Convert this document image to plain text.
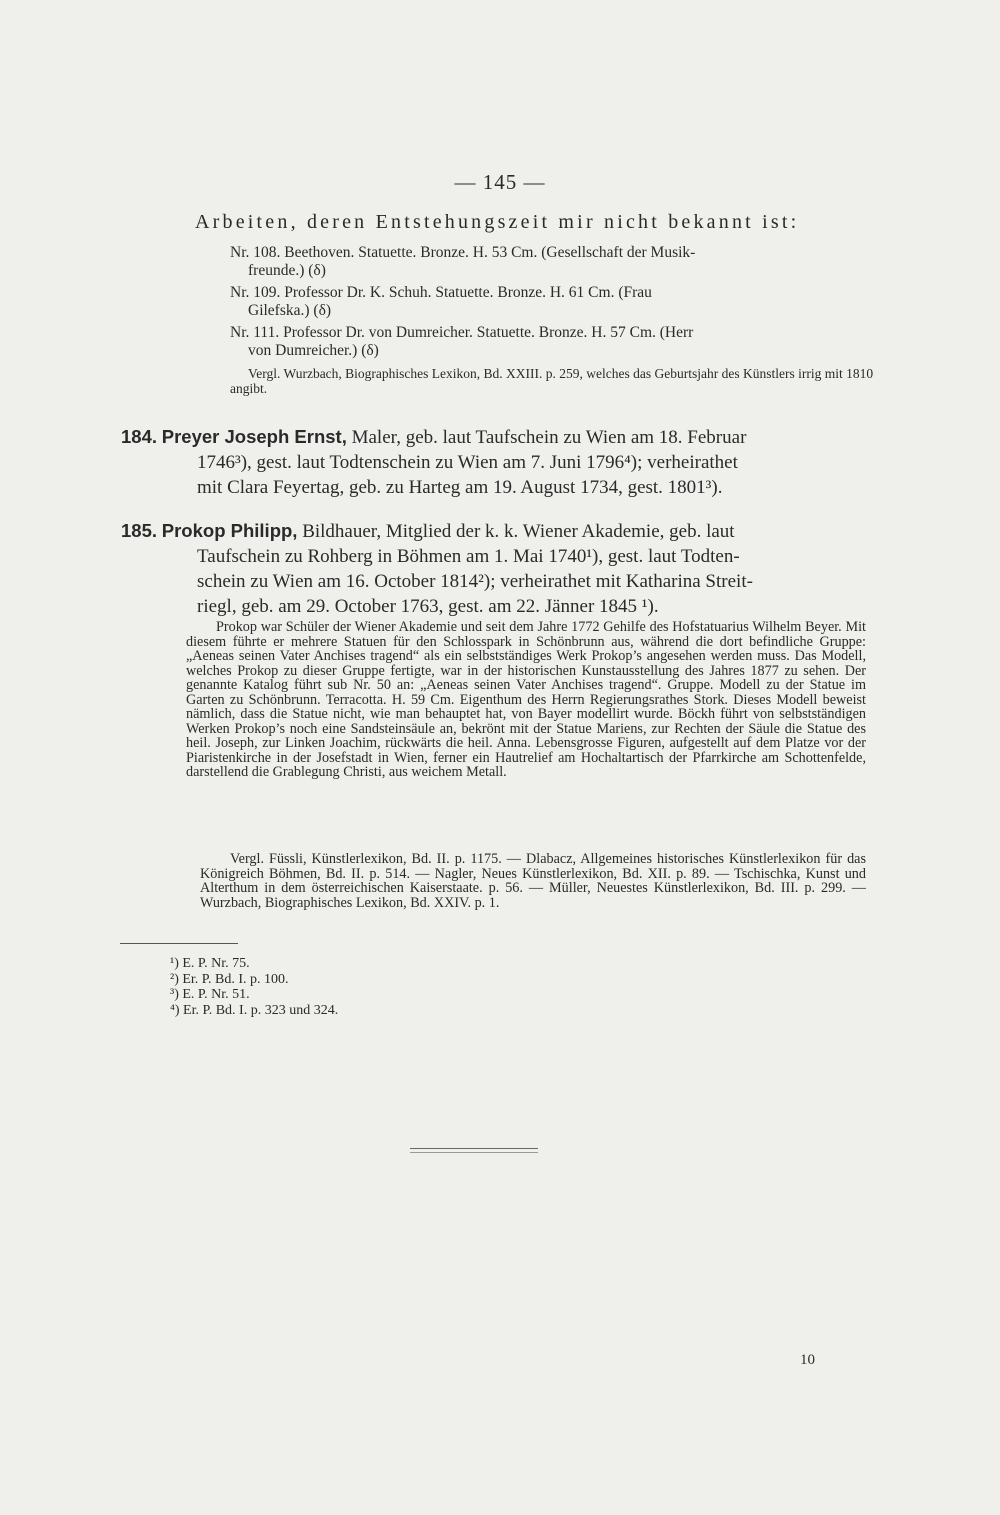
— 145 —
Arbeiten, deren Entstehungszeit mir nicht bekannt ist:
Nr. 108. Beethoven. Statuette. Bronze. H. 53 Cm. (Gesellschaft der Musik-
freunde.) (δ)
Nr. 109. Professor Dr. K. Schuh. Statuette. Bronze. H. 61 Cm. (Frau
Gilefska.) (δ)
Nr. 111. Professor Dr. von Dumreicher. Statuette. Bronze. H. 57 Cm. (Herr
von Dumreicher.) (δ)
Vergl. Wurzbach, Biographisches Lexikon, Bd. XXIII. p. 259, welches das Geburtsjahr des Künstlers irrig mit 1810 angibt.
184. Preyer Joseph Ernst, Maler, geb. laut Taufschein zu Wien am 18. Februar
1746³), gest. laut Todtenschein zu Wien am 7. Juni 1796⁴); verheirathet
mit Clara Feyertag, geb. zu Harteg am 19. August 1734, gest. 1801³).
185. Prokop Philipp, Bildhauer, Mitglied der k. k. Wiener Akademie, geb. laut
Taufschein zu Rohberg in Böhmen am 1. Mai 1740¹), gest. laut Todten-
schein zu Wien am 16. October 1814²); verheirathet mit Katharina Streit-
riegl, geb. am 29. October 1763, gest. am 22. Jänner 1845 ¹).

Prokop war Schüler der Wiener Akademie und seit dem Jahre 1772 Gehilfe des Hofstatuarius Wilhelm Beyer. Mit diesem führte er mehrere Statuen für den Schlosspark in Schönbrunn aus, während die dort befindliche Gruppe: „Aeneas seinen Vater Anchises tragend“ als ein selbstständiges Werk Prokop’s angesehen werden muss. Das Modell, welches Prokop zu dieser Gruppe fertigte, war in der historischen Kunstausstellung des Jahres 1877 zu sehen. Der genannte Katalog führt sub Nr. 50 an: „Aeneas seinen Vater Anchises tragend“. Gruppe. Modell zu der Statue im Garten zu Schönbrunn. Terracotta. H. 59 Cm. Eigenthum des Herrn Regierungsrathes Stork. Dieses Modell beweist nämlich, dass die Statue nicht, wie man behauptet hat, von Bayer modellirt wurde. Böckh führt von selbstständigen Werken Prokop’s noch eine Sandsteinsäule an, bekrönt mit der Statue Mariens, zur Rechten der Säule die Statue des heil. Joseph, zur Linken Joachim, rückwärts die heil. Anna. Lebensgrosse Figuren, aufgestellt auf dem Platze vor der Piaristenkirche in der Josefstadt in Wien, ferner ein Hautrelief am Hochaltartisch der Pfarrkirche am Schottenfelde, darstellend die Grablegung Christi, aus weichem Metall.

Vergl. Füssli, Künstlerlexikon, Bd. II. p. 1175. — Dlabacz, Allgemeines historisches Künstlerlexikon für das Königreich Böhmen, Bd. II. p. 514. — Nagler, Neues Künstlerlexikon, Bd. XII. p. 89. — Tschischka, Kunst und Alterthum in dem österreichischen Kaiserstaate. p. 56. — Müller, Neuestes Künstlerlexikon, Bd. III. p. 299. — Wurzbach, Biographisches Lexikon, Bd. XXIV. p. 1.

¹) E. P. Nr. 75.
²) Er. P. Bd. I. p. 100.
³) E. P. Nr. 51.
⁴) Er. P. Bd. I. p. 323 und 324.
10
